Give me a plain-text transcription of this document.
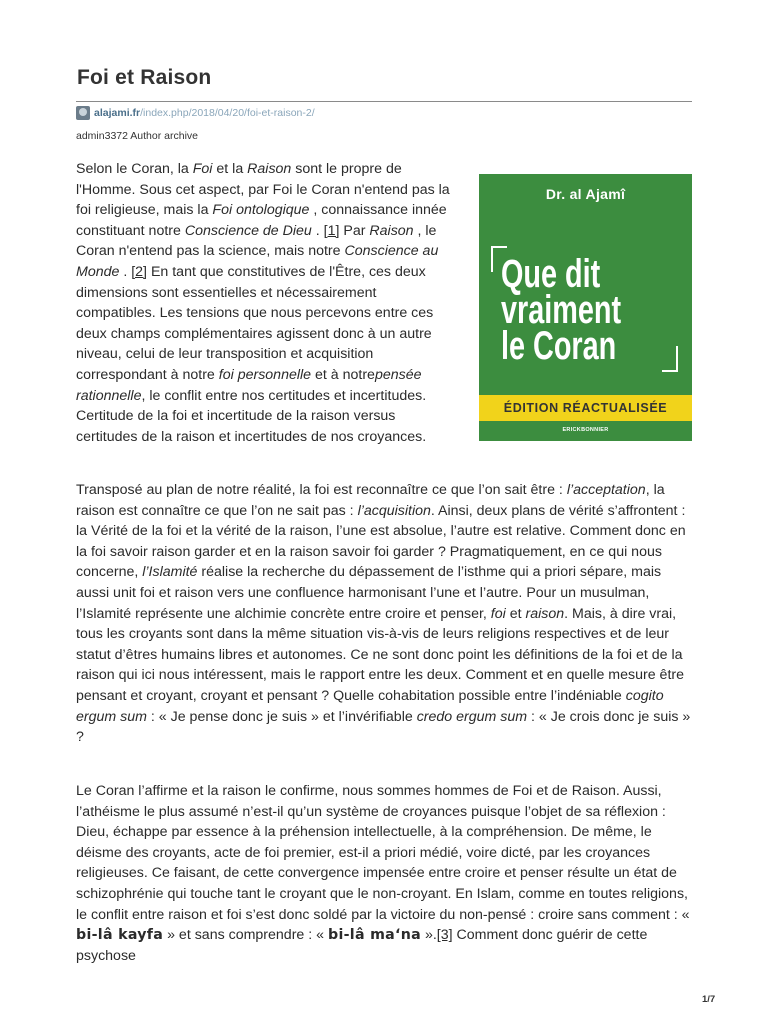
Foi et Raison
alajami.fr /index.php/2018/04/20/foi-et-raison-2/
admin3372 Author archive

Selon le Coran, la Foi et la Raison sont le propre de l'Homme. Sous cet aspect, par Foi le Coran n'entend pas la foi religieuse, mais la Foi ontologique , connaissance innée constituant notre Conscience de Dieu . [1] Par Raison , le Coran n'entend pas la science, mais notre Conscience au Monde . [2] En tant que constitutives de l'Être, ces deux dimensions sont essentielles et nécessairement compatibles. Les tensions que nous percevons entre ces deux champs complémentaires agissent donc à un autre niveau, celui de leur transposition et acquisition correspondant à notre foi personnelle et à notrepensée rationnelle, le conflit entre nos certitudes et incertitudes. Certitude de la foi et incertitude de la raison versus certitudes de la raison et incertitudes de nos croyances.

Dr. al Ajamî
Que dit
vraiment
le Coran
ÉDITION RÉACTUALISÉE
ERICKBONNIER

Transposé au plan de notre réalité, la foi est reconnaître ce que l’on sait être : l’acceptation, la raison est connaître ce que l’on ne sait pas : l’acquisition. Ainsi, deux plans de vérité s’affrontent : la Vérité de la foi et la vérité de la raison, l’une est absolue, l’autre est relative. Comment donc en la foi savoir raison garder et en la raison savoir foi garder ? Pragmatiquement, en ce qui nous concerne, l’Islamité réalise la recherche du dépassement de l’isthme qui a priori sépare, mais aussi unit foi et raison vers une confluence harmonisant l’une et l’autre. Pour un musulman, l’Islamité représente une alchimie concrète entre croire et penser, foi et raison. Mais, à dire vrai, tous les croyants sont dans la même situation vis-à-vis de leurs religions respectives et de leur statut d’êtres humains libres et autonomes. Ce ne sont donc point les définitions de la foi et de la raison qui ici nous intéressent, mais le rapport entre les deux. Comment et en quelle mesure être pensant et croyant, croyant et pensant ? Quelle cohabitation possible entre l’indéniable cogito ergum sum : « Je pense donc je suis » et l’invérifiable credo ergum sum : « Je crois donc je suis » ?

Le Coran l’affirme et la raison le confirme, nous sommes hommes de Foi et de Raison. Aussi, l’athéisme le plus assumé n’est-il qu’un système de croyances puisque l’objet de sa réflexion : Dieu, échappe par essence à la préhension intellectuelle, à la compréhension. De même, le déisme des croyants, acte de foi premier, est-il a priori médié, voire dicté, par les croyances religieuses. Ce faisant, de cette convergence impensée entre croire et penser résulte un état de schizophrénie qui touche tant le croyant que le non-croyant. En Islam, comme en toutes religions, le conflit entre raison et foi s’est donc soldé par la victoire du non-pensé : croire sans comment : « bi-lâ kayfa » et sans comprendre : « bi-lâ ma‘na ».[3] Comment donc guérir de cette psychose

1/7
